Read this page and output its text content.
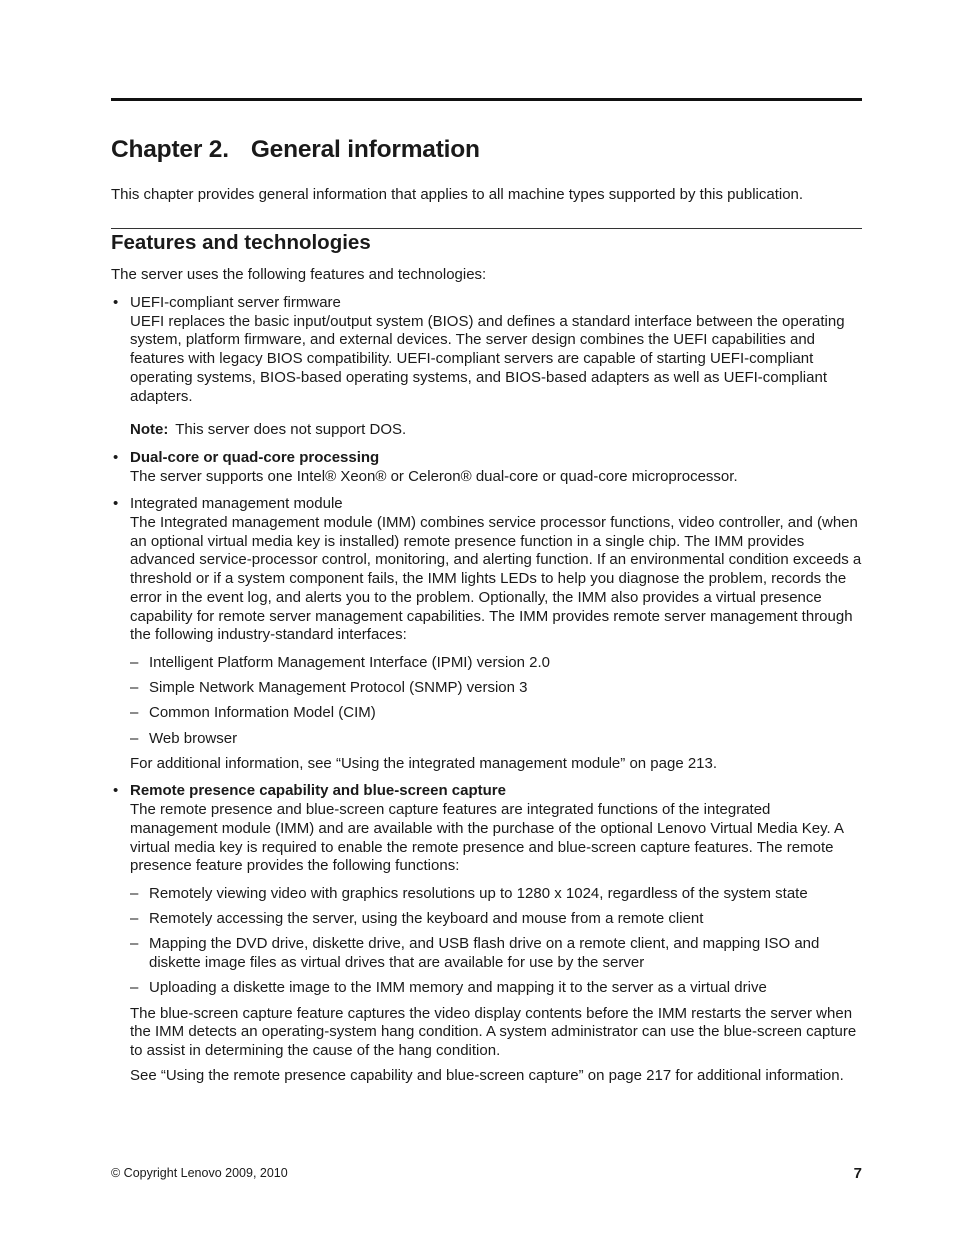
Chapter 2. General information

This chapter provides general information that applies to all machine types supported by this publication.

Features and technologies

The server uses the following features and technologies:

• UEFI-compliant server firmware

UEFI replaces the basic input/output system (BIOS) and defines a standard interface between the operating system, platform firmware, and external devices. The server design combines the UEFI capabilities and features with legacy BIOS compatibility. UEFI-compliant servers are capable of starting UEFI-compliant operating systems, BIOS-based operating systems, and BIOS-based adapters as well as UEFI-compliant adapters.

Note: This server does not support DOS.

• Dual-core or quad-core processing

The server supports one Intel® Xeon® or Celeron® dual-core or quad-core microprocessor.

• Integrated management module

The Integrated management module (IMM) combines service processor functions, video controller, and (when an optional virtual media key is installed) remote presence function in a single chip. The IMM provides advanced service-processor control, monitoring, and alerting function. If an environmental condition exceeds a threshold or if a system component fails, the IMM lights LEDs to help you diagnose the problem, records the error in the event log, and alerts you to the problem. Optionally, the IMM also provides a virtual presence capability for remote server management capabilities. The IMM provides remote server management through the following industry-standard interfaces:

– Intelligent Platform Management Interface (IPMI) version 2.0
– Simple Network Management Protocol (SNMP) version 3
– Common Information Model (CIM)
– Web browser

For additional information, see “Using the integrated management module” on page 213.

• Remote presence capability and blue-screen capture

The remote presence and blue-screen capture features are integrated functions of the integrated management module (IMM) and are available with the purchase of the optional Lenovo Virtual Media Key. A virtual media key is required to enable the remote presence and blue-screen capture features. The remote presence feature provides the following functions:

– Remotely viewing video with graphics resolutions up to 1280 x 1024, regardless of the system state
– Remotely accessing the server, using the keyboard and mouse from a remote client
– Mapping the DVD drive, diskette drive, and USB flash drive on a remote client, and mapping ISO and diskette image files as virtual drives that are available for use by the server
– Uploading a diskette image to the IMM memory and mapping it to the server as a virtual drive

The blue-screen capture feature captures the video display contents before the IMM restarts the server when the IMM detects an operating-system hang condition. A system administrator can use the blue-screen capture to assist in determining the cause of the hang condition.

See “Using the remote presence capability and blue-screen capture” on page 217 for additional information.

© Copyright Lenovo 2009, 2010	7
